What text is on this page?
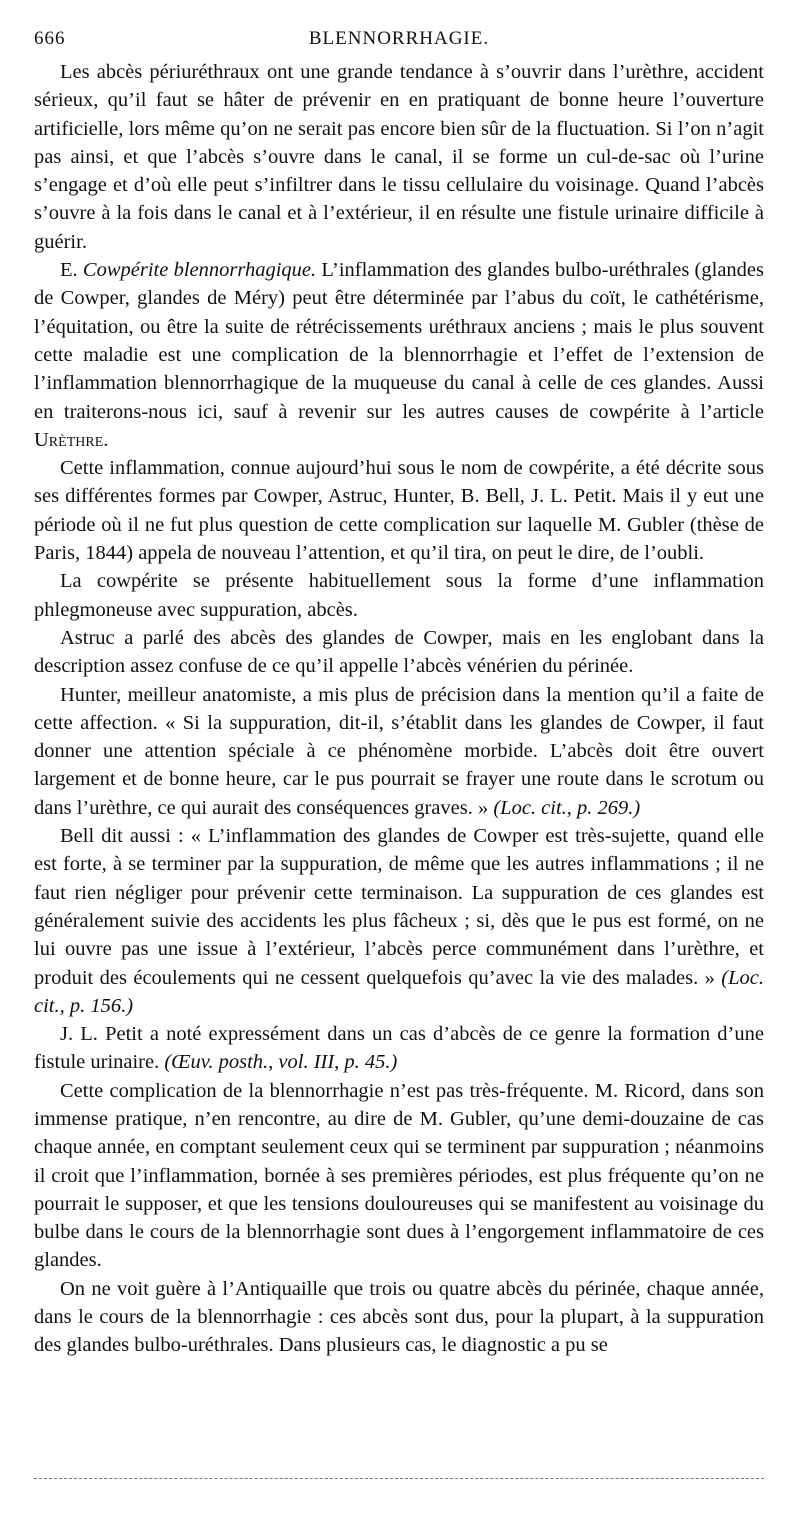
666	BLENNORRHAGIE.

Les abcès périuréthraux ont une grande tendance à s’ouvrir dans l’urèthre, accident sérieux, qu’il faut se hâter de prévenir en en pratiquant de bonne heure l’ouverture artificielle, lors même qu’on ne serait pas encore bien sûr de la fluctuation. Si l’on n’agit pas ainsi, et que l’abcès s’ouvre dans le canal, il se forme un cul-de-sac où l’urine s’engage et d’où elle peut s’infiltrer dans le tissu cellulaire du voisinage. Quand l’abcès s’ouvre à la fois dans le canal et à l’extérieur, il en résulte une fistule urinaire difficile à guérir.

E. Cowpérite blennorrhagique. L’inflammation des glandes bulbo-uréthrales (glandes de Cowper, glandes de Méry) peut être déterminée par l’abus du coït, le cathétérisme, l’équitation, ou être la suite de rétrécissements uréthraux anciens ; mais le plus souvent cette maladie est une complication de la blennorrhagie et l’effet de l’extension de l’inflammation blennorrhagique de la muqueuse du canal à celle de ces glandes. Aussi en traiterons-nous ici, sauf à revenir sur les autres causes de cowpérite à l’article Urèthre.

Cette inflammation, connue aujourd’hui sous le nom de cowpérite, a été décrite sous ses différentes formes par Cowper, Astruc, Hunter, B. Bell, J. L. Petit. Mais il y eut une période où il ne fut plus question de cette complication sur laquelle M. Gubler (thèse de Paris, 1844) appela de nouveau l’attention, et qu’il tira, on peut le dire, de l’oubli.

La cowpérite se présente habituellement sous la forme d’une inflammation phlegmoneuse avec suppuration, abcès.

Astruc a parlé des abcès des glandes de Cowper, mais en les englobant dans la description assez confuse de ce qu’il appelle l’abcès vénérien du périnée.

Hunter, meilleur anatomiste, a mis plus de précision dans la mention qu’il a faite de cette affection. « Si la suppuration, dit-il, s’établit dans les glandes de Cowper, il faut donner une attention spéciale à ce phénomène morbide. L’abcès doit être ouvert largement et de bonne heure, car le pus pourrait se frayer une route dans le scrotum ou dans l’urèthre, ce qui aurait des conséquences graves. » (Loc. cit., p. 269.)

Bell dit aussi : « L’inflammation des glandes de Cowper est très-sujette, quand elle est forte, à se terminer par la suppuration, de même que les autres inflammations ; il ne faut rien négliger pour prévenir cette terminaison. La suppuration de ces glandes est généralement suivie des accidents les plus fâcheux ; si, dès que le pus est formé, on ne lui ouvre pas une issue à l’extérieur, l’abcès perce communément dans l’urèthre, et produit des écoulements qui ne cessent quelquefois qu’avec la vie des malades. » (Loc. cit., p. 156.)

J. L. Petit a noté expressément dans un cas d’abcès de ce genre la formation d’une fistule urinaire. (Œuv. posth., vol. III, p. 45.)

Cette complication de la blennorrhagie n’est pas très-fréquente. M. Ricord, dans son immense pratique, n’en rencontre, au dire de M. Gubler, qu’une demi-douzaine de cas chaque année, en comptant seulement ceux qui se terminent par suppuration ; néanmoins il croit que l’inflammation, bornée à ses premières périodes, est plus fréquente qu’on ne pourrait le supposer, et que les tensions douloureuses qui se manifestent au voisinage du bulbe dans le cours de la blennorrhagie sont dues à l’engorgement inflammatoire de ces glandes.

On ne voit guère à l’Antiquaille que trois ou quatre abcès du périnée, chaque année, dans le cours de la blennorrhagie : ces abcès sont dus, pour la plupart, à la suppuration des glandes bulbo-uréthrales. Dans plusieurs cas, le diagnostic a pu se
